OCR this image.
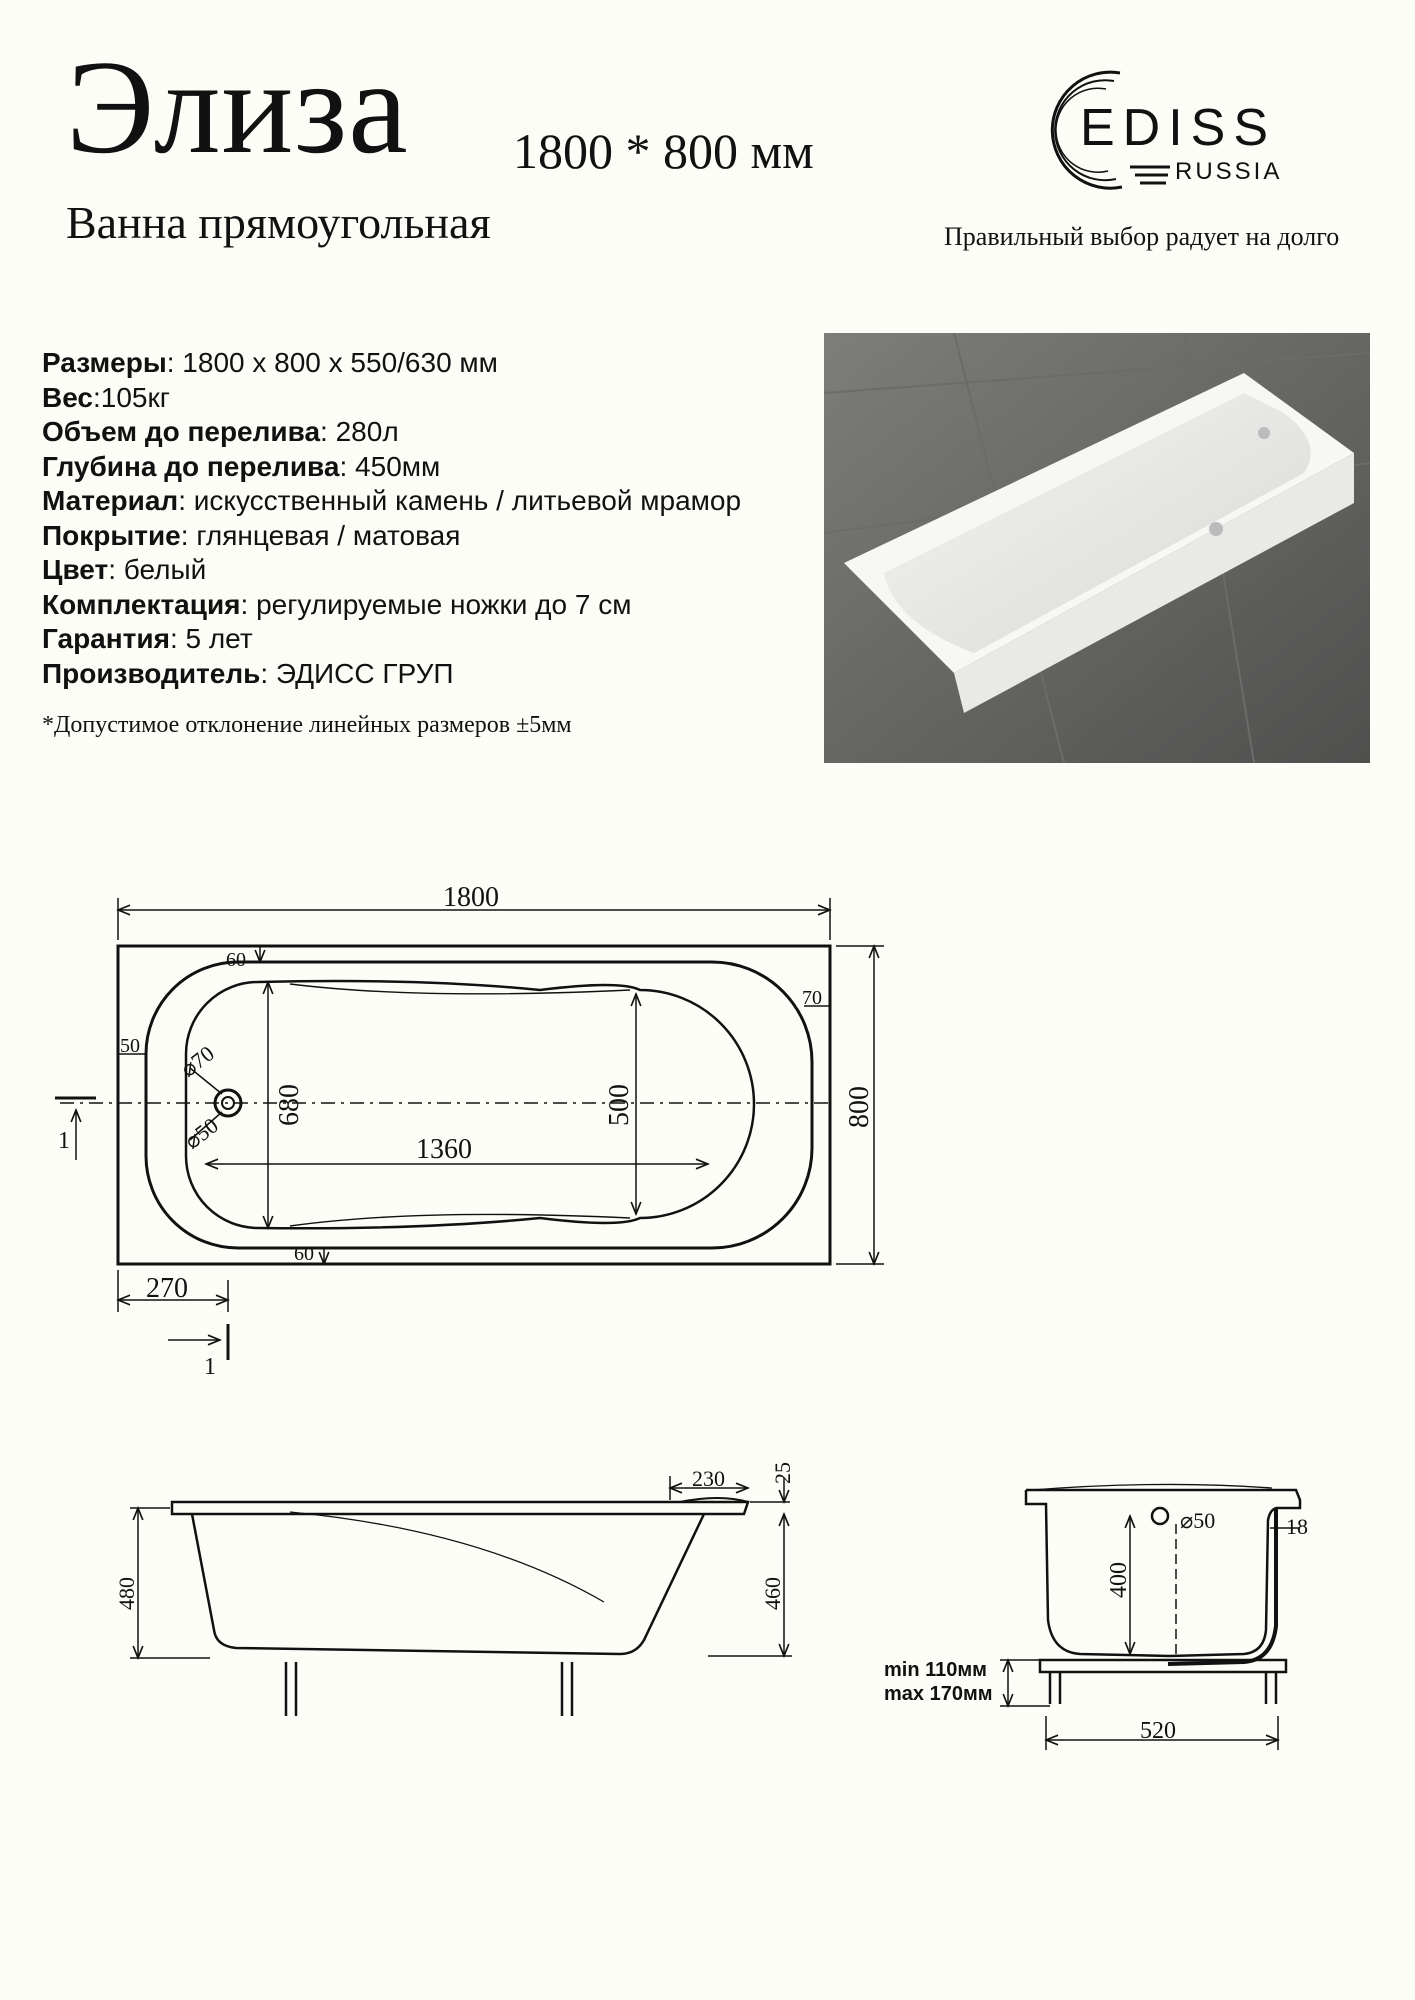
Элиза 1800 * 800 мм
Ванна прямоугольная
EDISS
RUSSIA
Правильный выбор радует на долго
Размеры: 1800 х 800 х 550/630 мм
Вес:105кг
Объем до перелива: 280л
Глубина до перелива: 450мм
Материал: искусственный камень / литьевой мрамор
Покрытие: глянцевая / матовая
Цвет: белый
Комплектация: регулируемые ножки до 7 см
Гарантия: 5 лет
Производитель: ЭДИСС ГРУП
*Допустимое отклонение линейных размеров ±5мм
1800
60
60
70
50
1360
270
680	500	800
⌀70
⌀50
1
1
480	460
25
230
⌀50	18
400
520
min 110мм
max 170мм
